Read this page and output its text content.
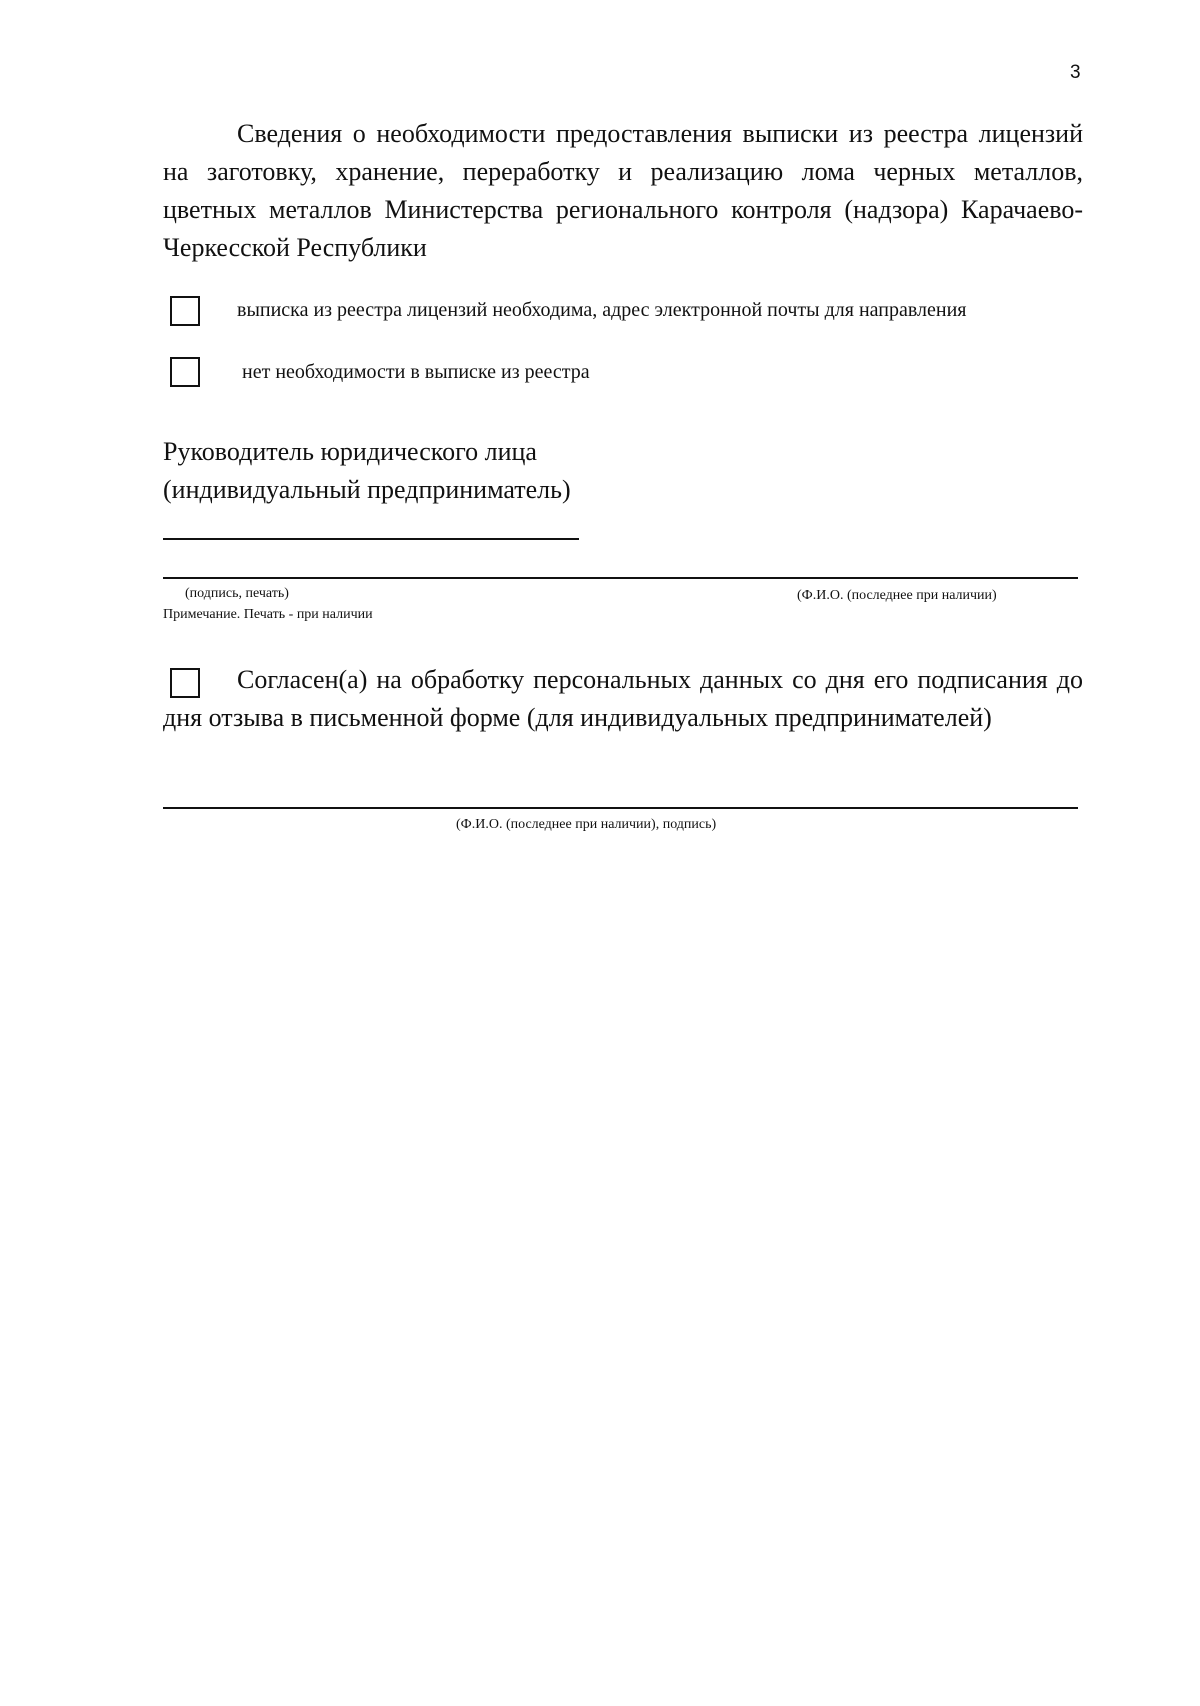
3

Сведения о необходимости предоставления выписки из реестра лицензий на заготовку, хранение, переработку и реализацию лома черных металлов, цветных металлов Министерства регионального контроля (надзора) Карачаево-Черкесской Республики

выписка из реестра лицензий необходима, адрес электронной почты для направления
нет необходимости в выписке из реестра
Руководитель юридического лица
(индивидуальный предприниматель)
(подпись, печать)	(Ф.И.О. (последнее при наличии)
Примечание. Печать - при наличии

Согласен(а) на обработку персональных данных со дня его подписания до дня отзыва в письменной форме (для индивидуальных предпринимателей)

(Ф.И.О. (последнее при наличии), подпись)
